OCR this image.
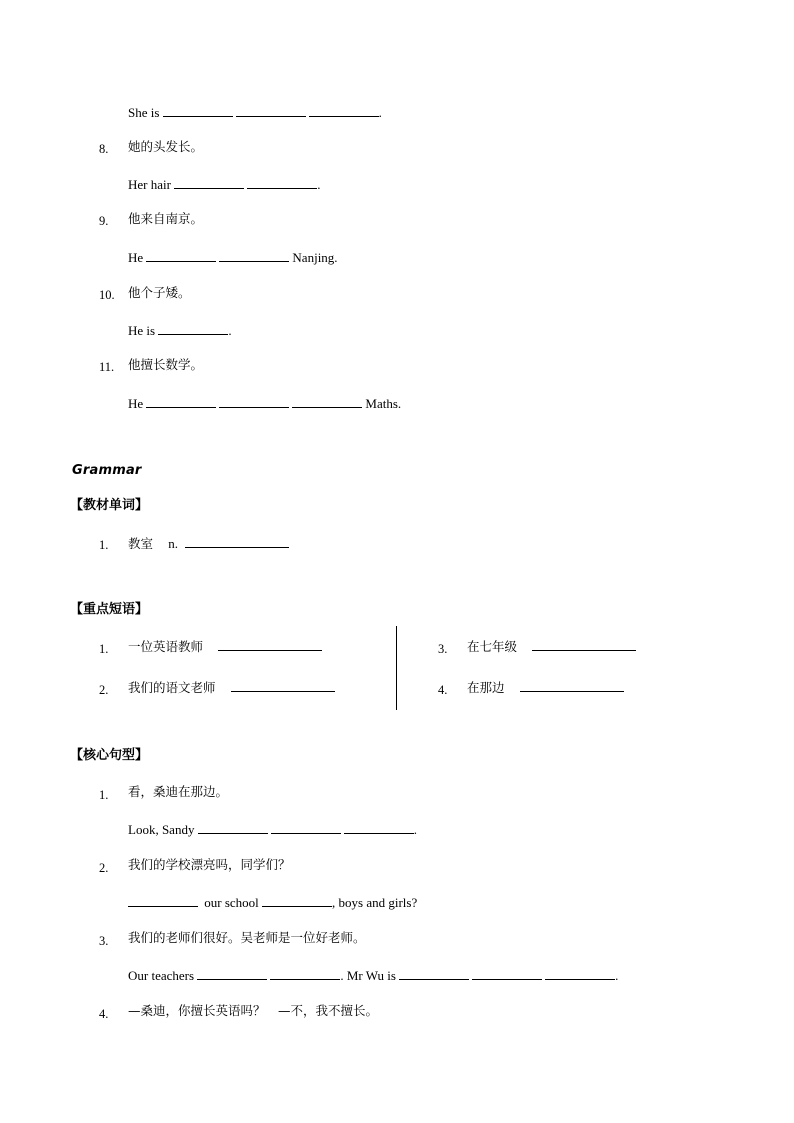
She is	.
8. 她的头发长。
Her hair	.
9. 他来自南京。
He	Nanjing.
10. 他个子矮。
He is	.
11. 他擅长数学。
He	Maths.
Grammar
【教材单词】
1. 教室 n.
【重点短语】
1. 一位英语教师
2. 我们的语文老师
3. 在七年级
4. 在那边
【核心句型】
1. 看，桑迪在那边。
Look, Sandy	.
2. 我们的学校漂亮吗，同学们？
our school	, boys and girls?
3. 我们的老师们很好。吴老师是一位好老师。
Our teachers	. Mr Wu is	.
4. —桑迪，你擅长英语吗？　—不，我不擅长。
